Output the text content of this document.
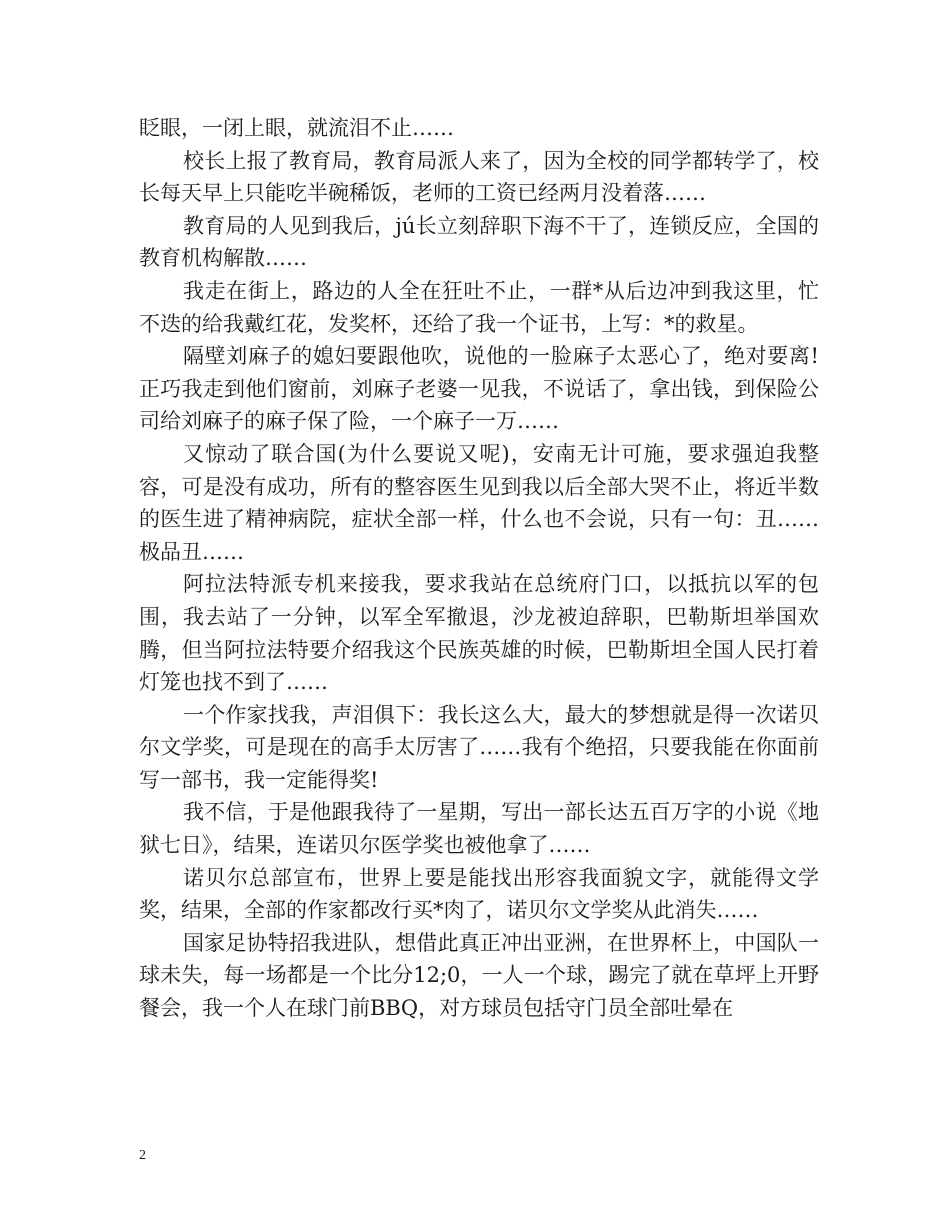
眨眼，一闭上眼，就流泪不止……

校长上报了教育局，教育局派人来了，因为全校的同学都转学了，校长每天早上只能吃半碗稀饭，老师的工资已经两月没着落……

教育局的人见到我后，jú长立刻辞职下海不干了，连锁反应，全国的教育机构解散……

我走在街上，路边的人全在狂吐不止，一群*从后边冲到我这里，忙不迭的给我戴红花，发奖杯，还给了我一个证书，上写：*的救星。

隔壁刘麻子的媳妇要跟他吹，说他的一脸麻子太恶心了，绝对要离!正巧我走到他们窗前，刘麻子老婆一见我，不说话了，拿出钱，到保险公司给刘麻子的麻子保了险，一个麻子一万……

又惊动了联合国(为什么要说又呢)，安南无计可施，要求强迫我整容，可是没有成功，所有的整容医生见到我以后全部大哭不止，将近半数的医生进了精神病院，症状全部一样，什么也不会说，只有一句：丑……极品丑……

阿拉法特派专机来接我，要求我站在总统府门口，以抵抗以军的包围，我去站了一分钟，以军全军撤退，沙龙被迫辞职，巴勒斯坦举国欢腾，但当阿拉法特要介绍我这个民族英雄的时候，巴勒斯坦全国人民打着灯笼也找不到了……

一个作家找我，声泪俱下：我长这么大，最大的梦想就是得一次诺贝尔文学奖，可是现在的高手太厉害了……我有个绝招，只要我能在你面前写一部书，我一定能得奖!

我不信，于是他跟我待了一星期，写出一部长达五百万字的小说《地狱七日》，结果，连诺贝尔医学奖也被他拿了……

诺贝尔总部宣布，世界上要是能找出形容我面貌文字，就能得文学奖，结果，全部的作家都改行买*肉了，诺贝尔文学奖从此消失……

国家足协特招我进队，想借此真正冲出亚洲，在世界杯上，中国队一球未失，每一场都是一个比分12;0，一人一个球，踢完了就在草坪上开野餐会，我一个人在球门前BBQ，对方球员包括守门员全部吐晕在

2
